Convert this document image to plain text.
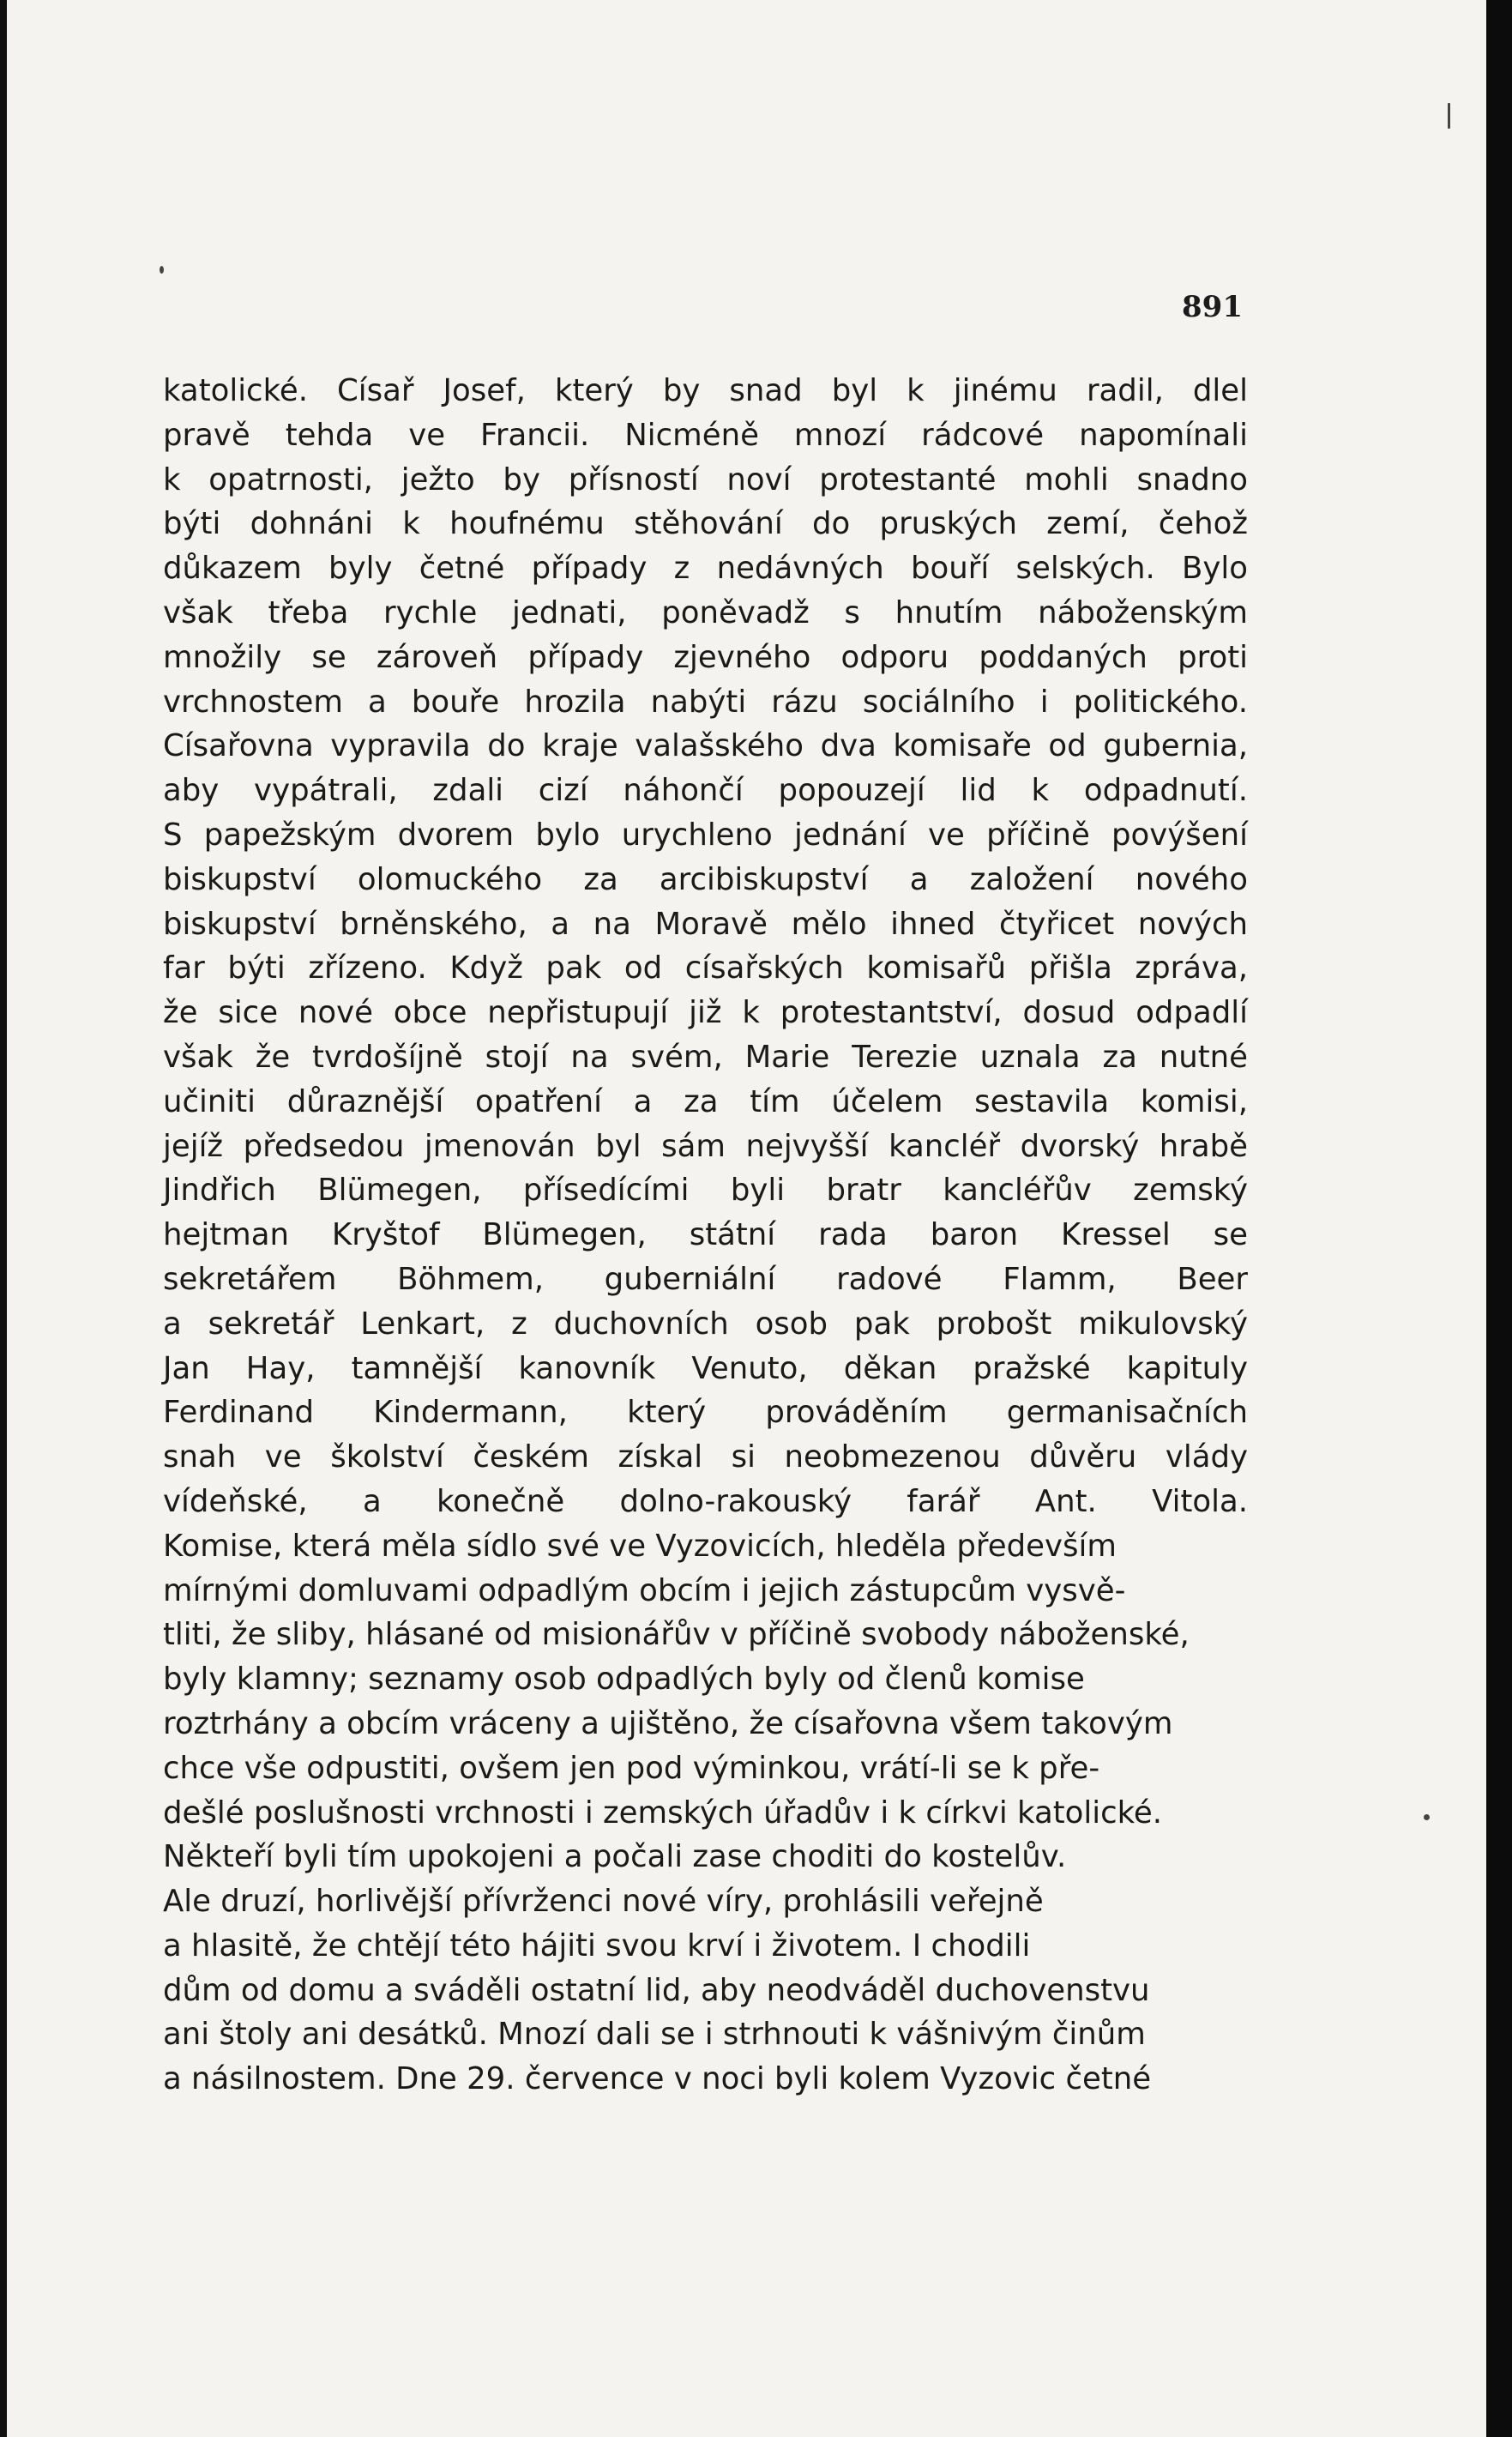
891

katolické. Císař Josef, který by snad byl k jinému radil, dlel
pravě tehda ve Francii. Nicméně mnozí rádcové napomínali
k opatrnosti, ježto by přísností noví protestanté mohli snadno
býti dohnáni k houfnému stěhování do pruských zemí, čehož
důkazem byly četné případy z nedávných bouří selských. Bylo
však třeba rychle jednati, poněvadž s hnutím náboženským
množily se zároveň případy zjevného odporu poddaných proti
vrchnostem a bouře hrozila nabýti rázu sociálního i politického.
Císařovna vypravila do kraje valašského dva komisaře od gubernia,
aby vypátrali, zdali cizí náhončí popouzejí lid k odpadnutí.
S papežským dvorem bylo urychleno jednání ve příčině povýšení
biskupství olomuckého za arcibiskupství a založení nového
biskupství brněnského, a na Moravě mělo ihned čtyřicet nových
far býti zřízeno. Když pak od císařských komisařů přišla zpráva,
že sice nové obce nepřistupují již k protestantství, dosud odpadlí
však že tvrdošíjně stojí na svém, Marie Terezie uznala za nutné
učiniti důraznější opatření a za tím účelem sestavila komisi,
jejíž předsedou jmenován byl sám nejvyšší kancléř dvorský hrabě
Jindřich Blümegen, přísedícími byli bratr kancléřův zemský
hejtman Kryštof Blümegen, státní rada baron Kressel se
sekretářem Böhmem, guberniální radové Flamm, Beer
a sekretář Lenkart, z duchovních osob pak probošt mikulovský
Jan Hay, tamnější kanovník Venuto, děkan pražské kapituly
Ferdinand Kindermann, který prováděním germanisačních
snah ve školství českém získal si neobmezenou důvěru vlády
vídeňské, a konečně dolno-rakouský farář Ant. Vitola.

Komise, která měla sídlo své ve Vyzovicích, hleděla především
mírnými domluvami odpadlým obcím i jejich zástupcům vysvě-
tliti, že sliby, hlásané od misionářův v příčině svobody náboženské,
byly klamny; seznamy osob odpadlých byly od členů komise
roztrhány a obcím vráceny a ujištěno, že císařovna všem takovým
chce vše odpustiti, ovšem jen pod výminkou, vrátí-li se k pře-
dešlé poslušnosti vrchnosti i zemských úřadův i k církvi katolické.
Někteří byli tím upokojeni a počali zase choditi do kostelův.
Ale druzí, horlivější přívrženci nové víry, prohlásili veřejně
a hlasitě, že chtějí této hájiti svou krví i životem. I chodili
dům od domu a sváděli ostatní lid, aby neodváděl duchovenstvu
ani štoly ani desátků. Mnozí dali se i strhnouti k vášnivým činům
a násilnostem. Dne 29. července v noci byli kolem Vyzovic četné
